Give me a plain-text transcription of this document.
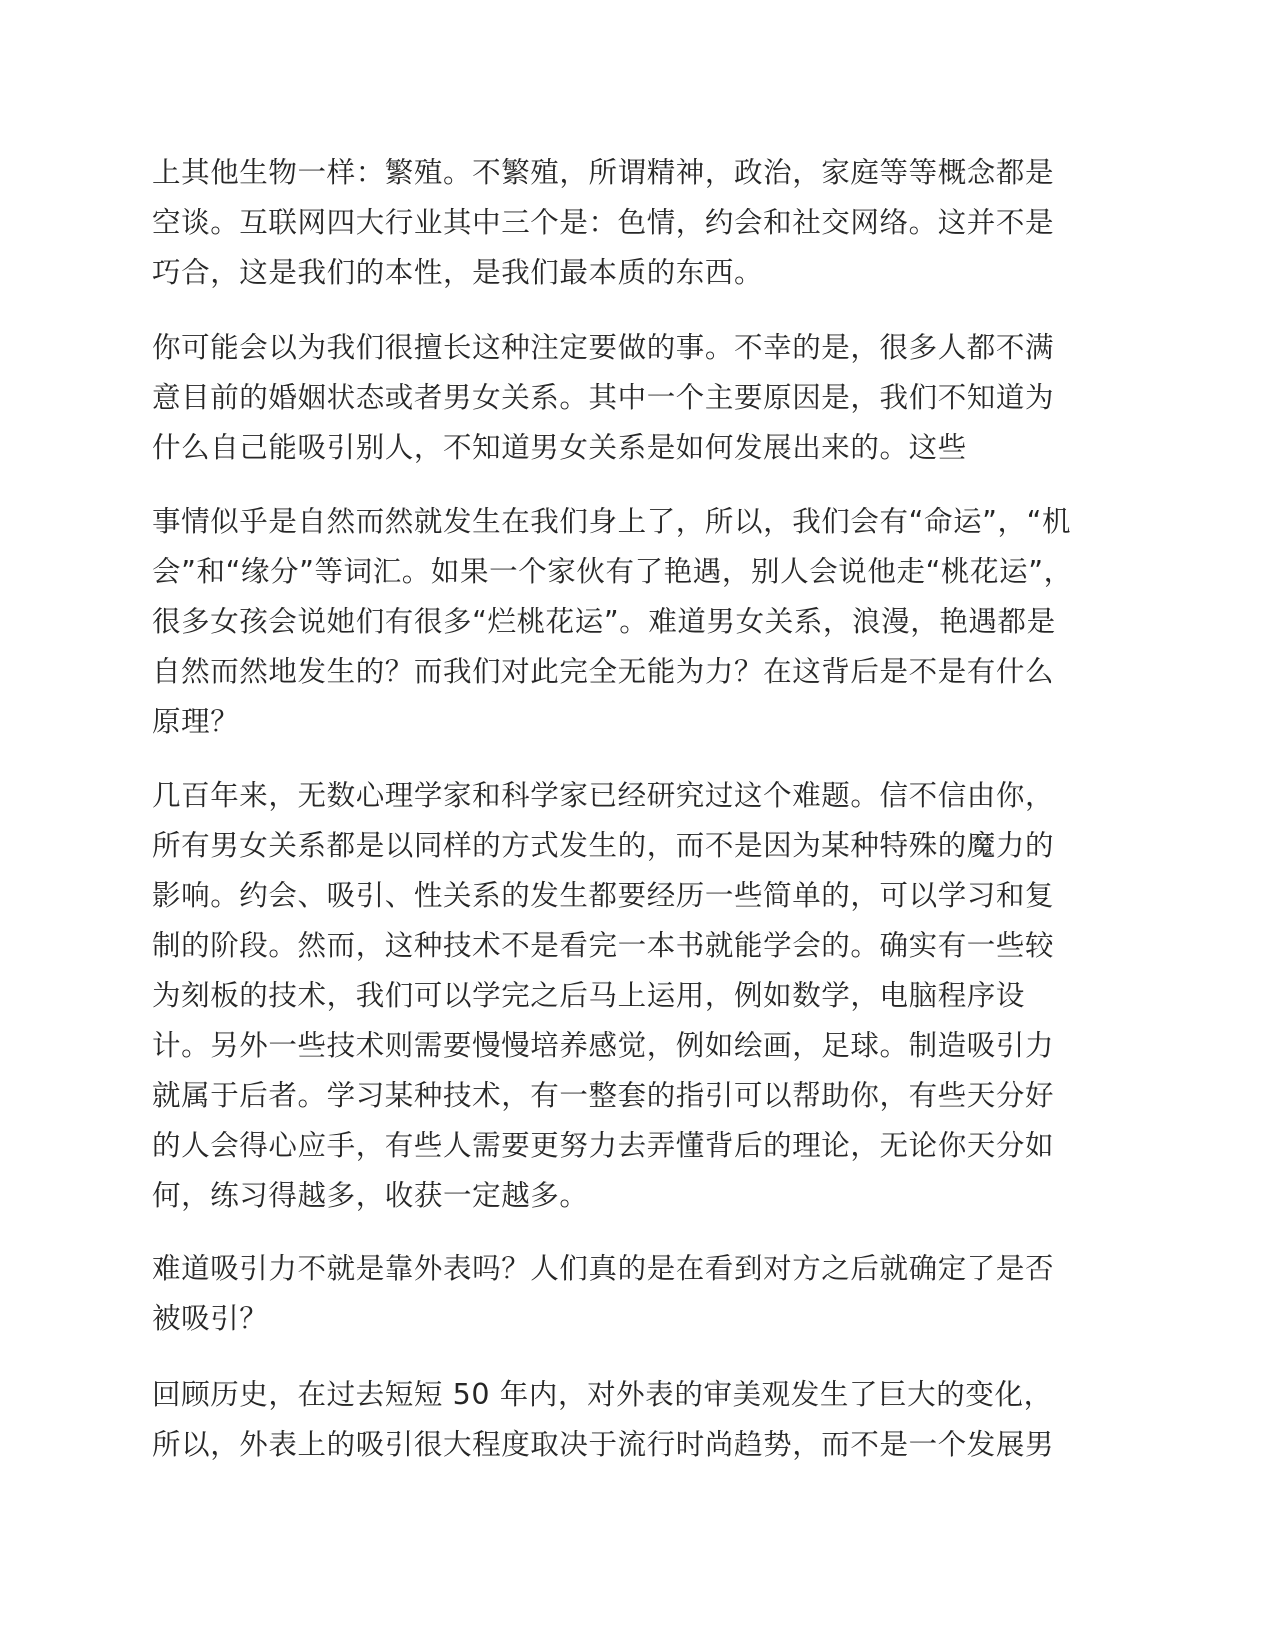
上其他生物一样：繁殖。不繁殖，所谓精神，政治，家庭等等概念都是
空谈。互联网四大行业其中三个是：色情，约会和社交网络。这并不是
巧合，这是我们的本性，是我们最本质的东西。
你可能会以为我们很擅长这种注定要做的事。不幸的是，很多人都不满
意目前的婚姻状态或者男女关系。其中一个主要原因是，我们不知道为
什么自己能吸引别人，不知道男女关系是如何发展出来的。这些
事情似乎是自然而然就发生在我们身上了，所以，我们会有“命运”，“机
会”和“缘分”等词汇。如果一个家伙有了艳遇，别人会说他走“桃花运”，
很多女孩会说她们有很多“烂桃花运”。难道男女关系，浪漫，艳遇都是
自然而然地发生的？而我们对此完全无能为力？在这背后是不是有什么
原理？
几百年来，无数心理学家和科学家已经研究过这个难题。信不信由你，
所有男女关系都是以同样的方式发生的，而不是因为某种特殊的魔力的
影响。约会、吸引、性关系的发生都要经历一些简单的，可以学习和复
制的阶段。然而，这种技术不是看完一本书就能学会的。确实有一些较
为刻板的技术，我们可以学完之后马上运用，例如数学，电脑程序设
计。另外一些技术则需要慢慢培养感觉，例如绘画，足球。制造吸引力
就属于后者。学习某种技术，有一整套的指引可以帮助你，有些天分好
的人会得心应手，有些人需要更努力去弄懂背后的理论，无论你天分如
何，练习得越多，收获一定越多。
难道吸引力不就是靠外表吗？人们真的是在看到对方之后就确定了是否
被吸引？
回顾历史，在过去短短 50 年内，对外表的审美观发生了巨大的变化，
所以，外表上的吸引很大程度取决于流行时尚趋势，而不是一个发展男
